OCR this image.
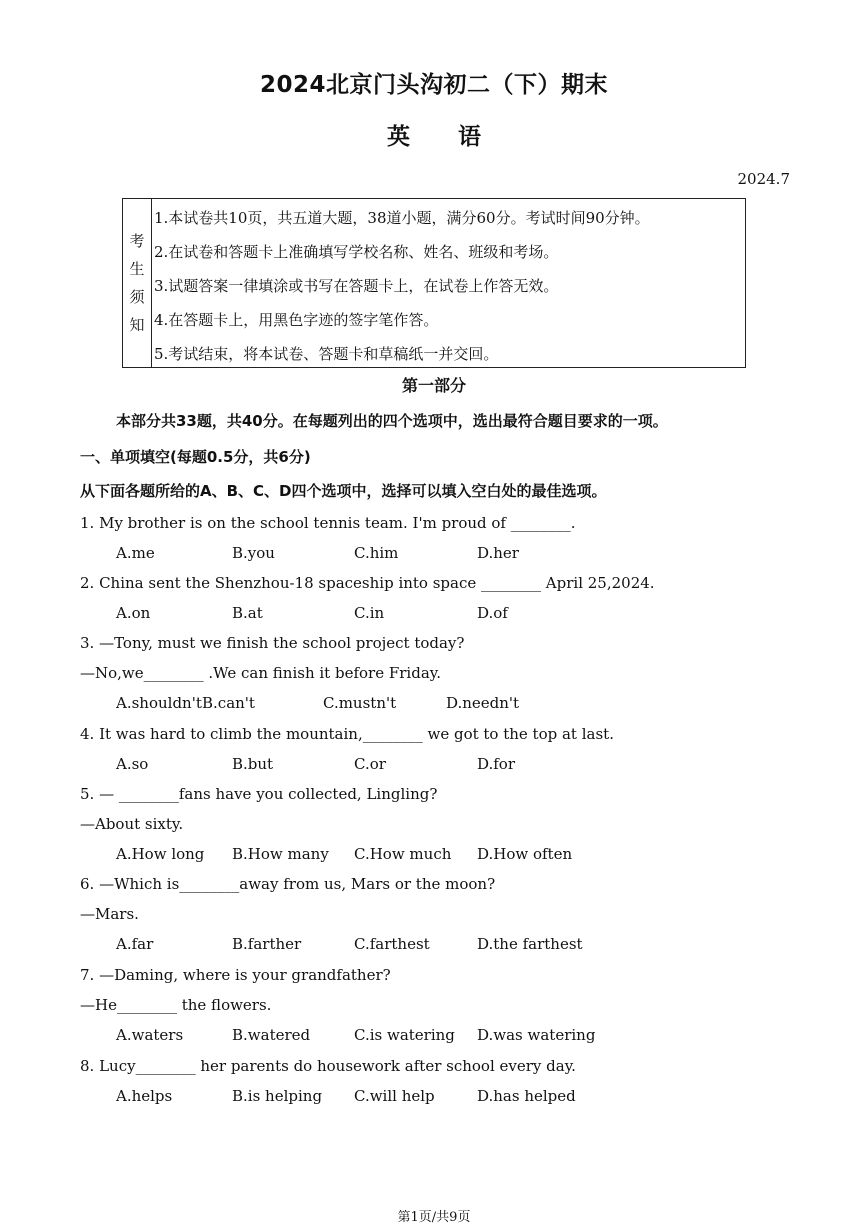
2024北京门头沟初二（下）期末
英 语
2024.7
考
生
须
知
1.本试卷共10页，共五道大题，38道小题，满分60分。考试时间90分钟。
2.在试卷和答题卡上准确填写学校名称、姓名、班级和考场。
3.试题答案一律填涂或书写在答题卡上，在试卷上作答无效。
4.在答题卡上，用黑色字迹的签字笔作答。
5.考试结束，将本试卷、答题卡和草稿纸一并交回。
第一部分
本部分共33题，共40分。在每题列出的四个选项中，选出最符合题目要求的一项。
一、单项填空(每题0.5分，共6分)
从下面各题所给的A、B、C、D四个选项中，选择可以填入空白处的最佳选项。
1. My brother is on the school tennis team. I'm proud of ________.
A.me	B.you	C.him	D.her
2. China sent the Shenzhou-18 spaceship into space ________ April 25,2024.
A.on	B.at	C.in	D.of
3. —Tony, must we finish the school project today?
—No,we________ .We can finish it before Friday.
A.shouldn't B.can't	C.mustn't	D.needn't
4. It was hard to climb the mountain,________ we got to the top at last.
A.so	B.but	C.or	D.for
5. — ________fans have you collected, Lingling?
—About sixty.
A.How long B.How many C.How much D.How often
6. —Which is________away from us, Mars or the moon?
—Mars.
A.far	B.farther	C.farthest	D.the farthest
7. —Daming, where is your grandfather?
—He________ the flowers.
A.waters	B.watered	C.is watering D.was watering
8. Lucy________ her parents do housework after school every day.
A.helps	B.is helping C.will help	D.has helped
第1页/共9页
